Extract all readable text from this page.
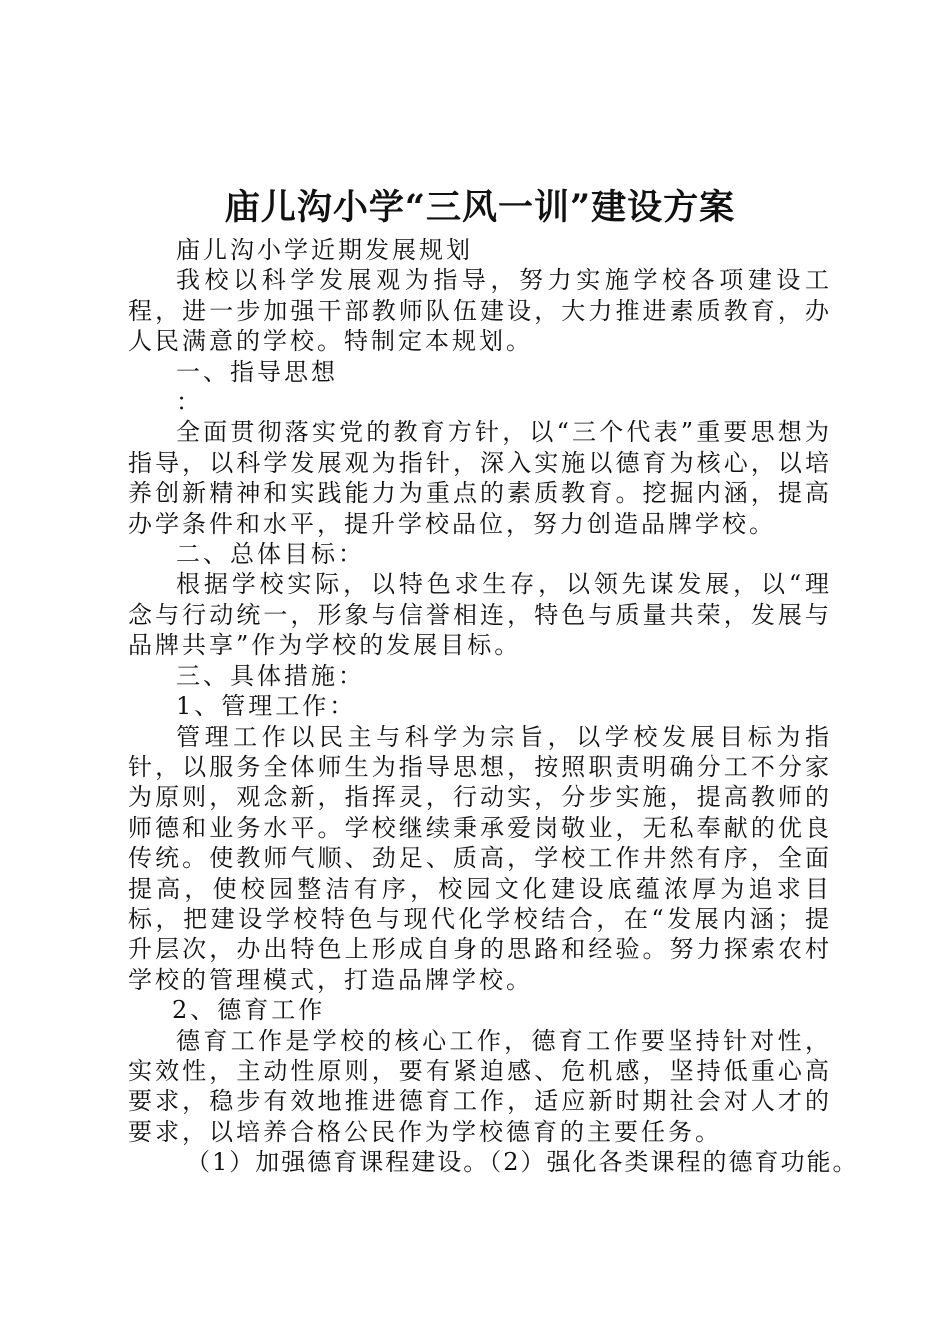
庙儿沟小学“三风一训”建设方案

庙儿沟小学近期发展规划

我校以科学发展观为指导，努力实施学校各项建设工程，进一步加强干部教师队伍建设，大力推进素质教育，办人民满意的学校。特制定本规划。

一、指导思想

：

全面贯彻落实党的教育方针，以“三个代表”重要思想为指导，以科学发展观为指针，深入实施以德育为核心，以培养创新精神和实践能力为重点的素质教育。挖掘内涵，提高办学条件和水平，提升学校品位，努力创造品牌学校。

二、总体目标：

根据学校实际，以特色求生存，以领先谋发展，以“理念与行动统一，形象与信誉相连，特色与质量共荣，发展与品牌共享”作为学校的发展目标。

三、具体措施：

1、管理工作：

管理工作以民主与科学为宗旨，以学校发展目标为指针，以服务全体师生为指导思想，按照职责明确分工不分家为原则，观念新，指挥灵，行动实，分步实施，提高教师的师德和业务水平。学校继续秉承爱岗敬业，无私奉献的优良传统。使教师气顺、劲足、质高，学校工作井然有序，全面提高，使校园整洁有序，校园文化建设底蕴浓厚为追求目标，把建设学校特色与现代化学校结合，在“发展内涵；提升层次，办出特色上形成自身的思路和经验。努力探索农村学校的管理模式，打造品牌学校。

2、德育工作

德育工作是学校的核心工作，德育工作要坚持针对性，实效性，主动性原则，要有紧迫感、危机感，坚持低重心高要求，稳步有效地推进德育工作，适应新时期社会对人才的要求，以培养合格公民作为学校德育的主要任务。

（1）加强德育课程建设。（2）强化各类课程的德育功能。
